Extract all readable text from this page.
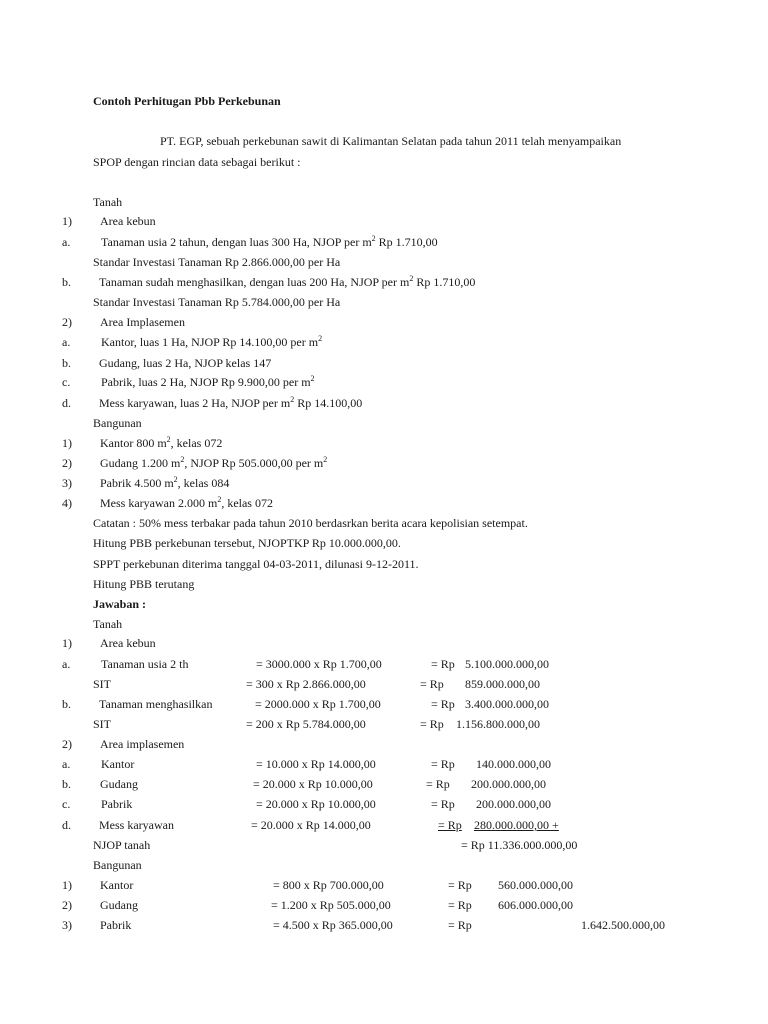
Contoh Perhitugan Pbb Perkebunan
PT. EGP, sebuah perkebunan sawit di Kalimantan Selatan pada tahun 2011 telah menyampaikan
SPOP dengan rincian data sebagai berikut :
Tanah
1) Area kebun
a.	Tanaman usia 2 tahun, dengan luas 300 Ha, NJOP per $m^2$ Rp 1.710,00
Standar Investasi Tanaman Rp 2.866.000,00 per Ha
b. Tanaman sudah menghasilkan, dengan luas 200 Ha, NJOP per $m^2$ Rp 1.710,00
Standar Investasi Tanaman Rp 5.784.000,00 per Ha
2) Area Implasemen
a.	Kantor, luas 1 Ha, NJOP Rp 14.100,00 per $m^2$
b. Gudang, luas 2 Ha, NJOP kelas 147
c.	Pabrik, luas 2 Ha, NJOP Rp 9.900,00 per $m^2$
d. Mess karyawan, luas 2 Ha, NJOP per $m^2$ Rp 14.100,00
Bangunan
1) Kantor 800 $m^2$, kelas 072
2) Gudang 1.200 $m^2$, NJOP Rp 505.000,00 per $m^2$
3) Pabrik 4.500 $m^2$, kelas 084
4) Mess karyawan 2.000 $m^2$, kelas 072
Catatan : 50% mess terbakar pada tahun 2010 berdasrkan berita acara kepolisian setempat.
Hitung PBB perkebunan tersebut, NJOPTKP Rp 10.000.000,00.
SPPT perkebunan diterima tanggal 04-03-2011, dilunasi 9-12-2011.
Hitung PBB terutang
Jawaban :
Tanah
1) Area kebun
a.	Tanaman usia 2 th	= 3000.000 x Rp 1.700,00	= Rp 5.100.000.000,00
SIT	= 300 x Rp 2.866.000,00	= Rp 859.000.000,00
b. Tanaman menghasilkan	= 2000.000 x Rp 1.700,00	= Rp 3.400.000.000,00
SIT	= 200 x Rp 5.784.000,00	= Rp 1.156.800.000,00
2) Area implasemen
a.	Kantor	= 10.000 x Rp 14.000,00	= Rp 140.000.000,00
b. Gudang	= 20.000 x Rp 10.000,00	= Rp 200.000.000,00
c.	Pabrik	= 20.000 x Rp 10.000,00	= Rp 200.000.000,00
d. Mess karyawan	= 20.000 x Rp 14.000,00	= Rp 280.000.000,00 +
NJOP tanah	= Rp 11.336.000.000,00
Bangunan
1) Kantor	= 800 x Rp 700.000,00	= Rp 560.000.000,00
2) Gudang	= 1.200 x Rp 505.000,00	= Rp 606.000.000,00
3) Pabrik	= 4.500 x Rp 365.000,00	= Rp	1.642.500.000,00
